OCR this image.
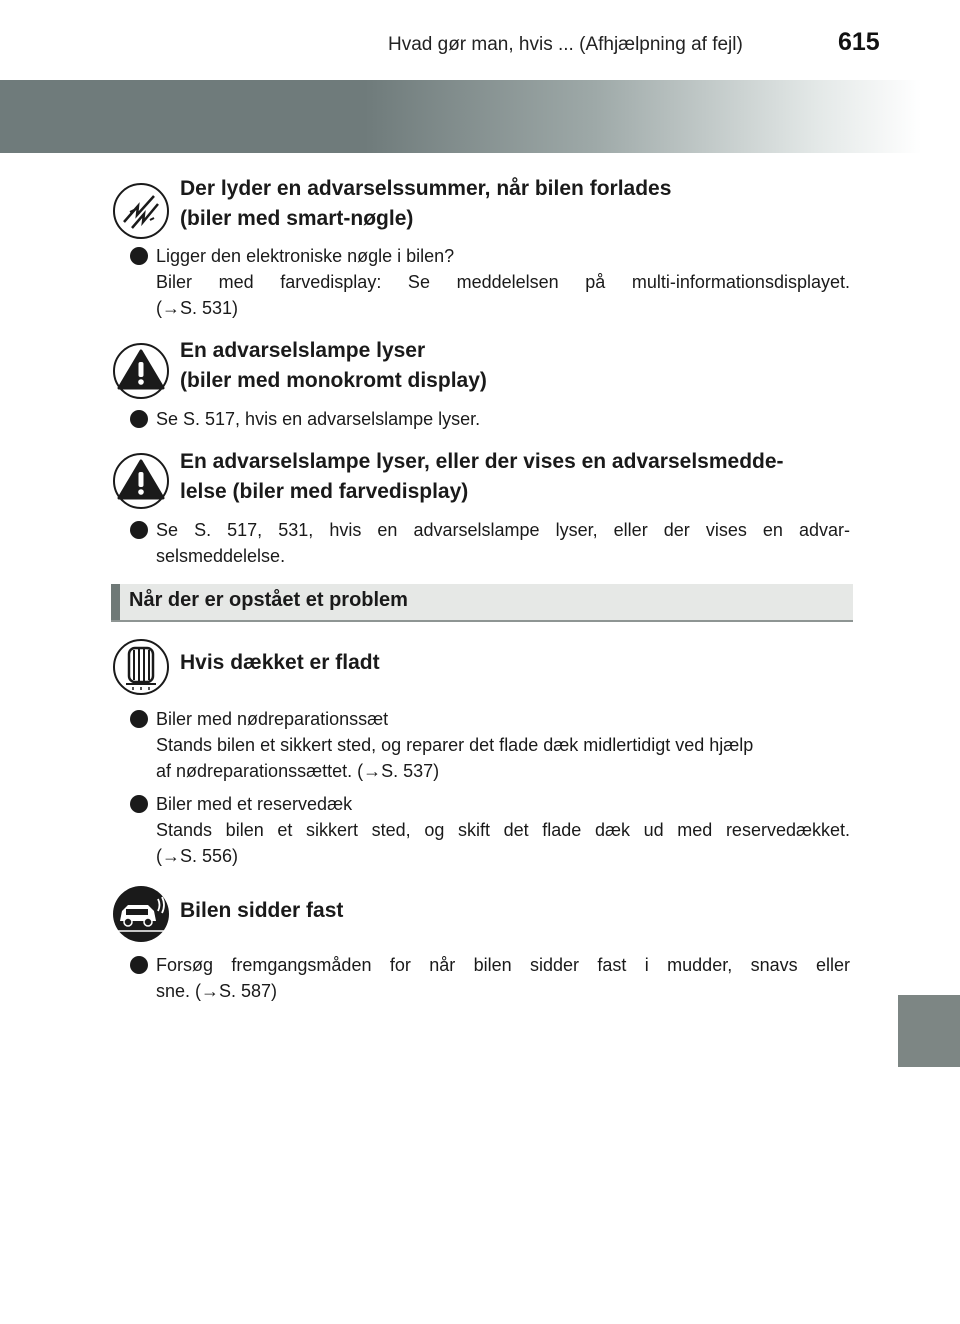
Hvad gør man, hvis ... (Afhjælpning af fejl)	615
Der lyder en advarselssummer, når bilen forlades
(biler med smart-nøgle)
Ligger den elektroniske nøgle i bilen?
Biler med farvedisplay: Se meddelelsen på multi-informationsdisplayet.
(→S. 531)
En advarselslampe lyser
(biler med monokromt display)
Se S. 517, hvis en advarselslampe lyser.
En advarselslampe lyser, eller der vises en advarselsmedde-
lelse (biler med farvedisplay)
Se S. 517, 531, hvis en advarselslampe lyser, eller der vises en advar-
selsmeddelelse.
Når der er opstået et problem
Hvis dækket er fladt
Biler med nødreparationssæt
Stands bilen et sikkert sted, og reparer det flade dæk midlertidigt ved hjælp
af nødreparationssættet. (→S. 537)
Biler med et reservedæk
Stands bilen et sikkert sted, og skift det flade dæk ud med reservedækket.
(→S. 556)
Bilen sidder fast
Forsøg fremgangsmåden for når bilen sidder fast i mudder, snavs eller
sne. (→S. 587)
